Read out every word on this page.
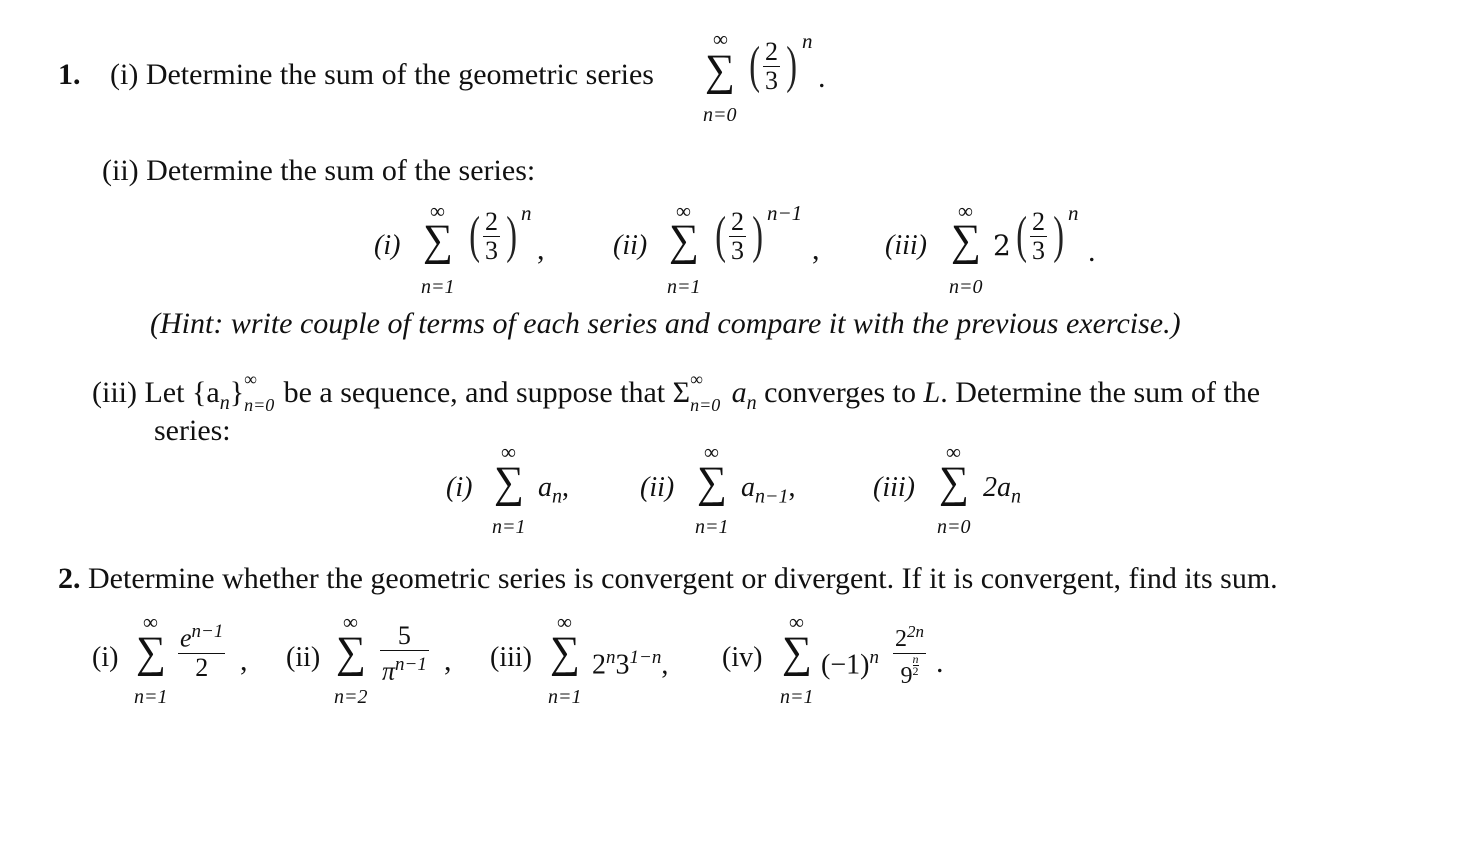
1. (i) Determine the sum of the geometric series
∞
∑
n=0
( $\frac{2}{3}$ ) n
.
(ii) Determine the sum of the series:
(i)
∞
∑
n=1
( $\frac{2}{3}$ ) n
, (ii)
∞
∑
n=1
( $\frac{2}{3}$ ) n−1
, (iii)
∞
∑
n=0
2 ( $\frac{2}{3}$ ) n
.
(Hint: write couple of terms of each series and compare it with the previous exercise.)
(iii) Let $\{a_n\}$ ∞
n=0 be a sequence, and suppose that Σ ∞
n=0 $a_n$ converges to L. Determine the sum of the
series:
(i)
∞
∑
n=1
$a_n$,	(ii)
∞
∑
n=1
$a_{n-1}$,	(iii)
∞
∑
n=0
$2a_n$
2. Determine whether the geometric series is convergent or divergent. If it is convergent, find its sum.
(i)
∞
∑
n=1
$\frac{e^{n-1}}{2}$ , (ii)
∞
∑
n=2
$\frac{5}{\pi^{n-1}}$ , (iii)
∞
∑
n=1
$2^n3^{1-n}$, (iv)
∞
∑
n=1
$(-1)^n \frac{2^{2n}}{9 \frac{n}{2}}$ .
